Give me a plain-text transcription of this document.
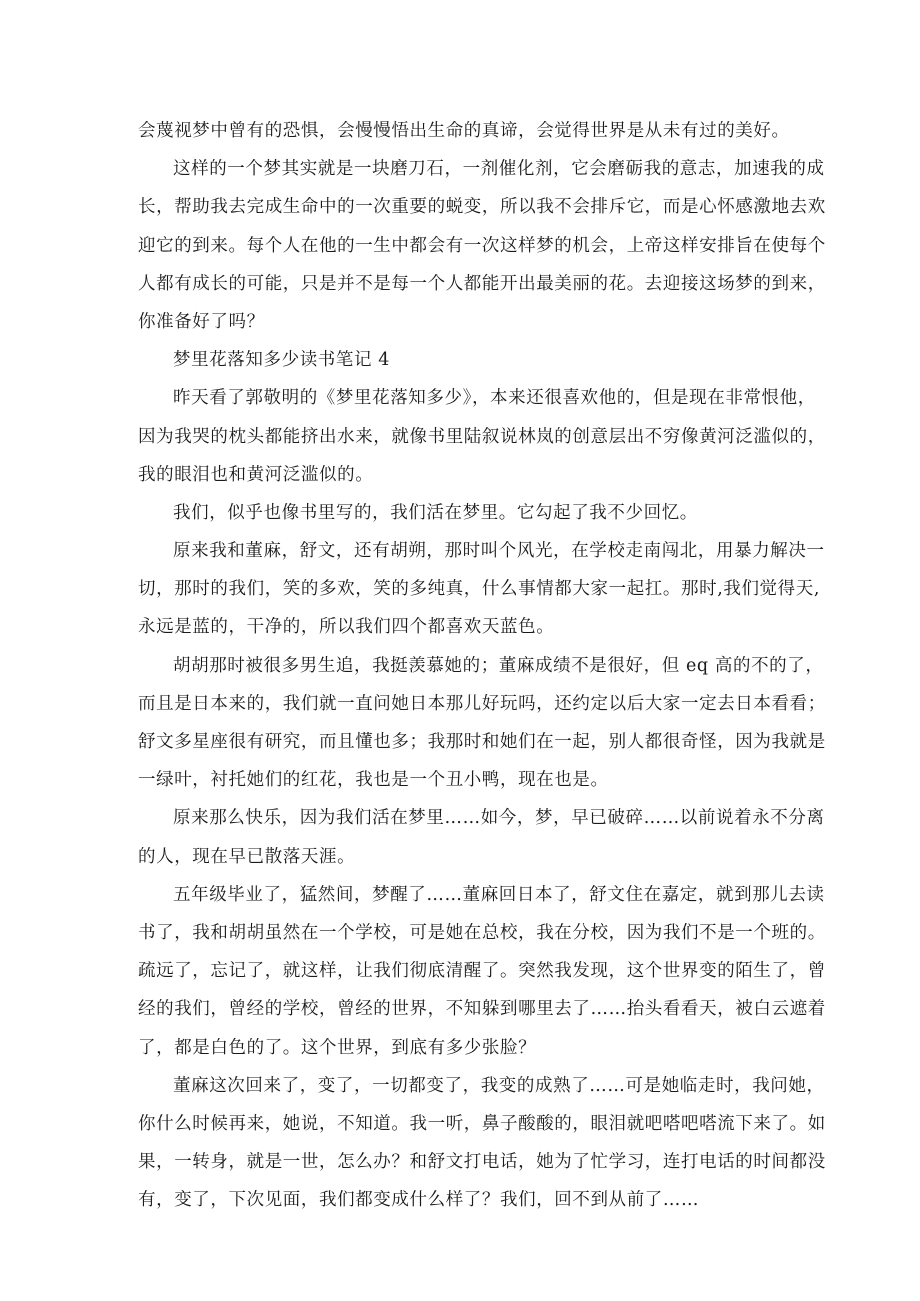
会蔑视梦中曾有的恐惧，会慢慢悟出生命的真谛，会觉得世界是从未有过的美好。
这样的一个梦其实就是一块磨刀石，一剂催化剂，它会磨砺我的意志，加速我的成
长，帮助我去完成生命中的一次重要的蜕变，所以我不会排斥它，而是心怀感激地去欢
迎它的到来。每个人在他的一生中都会有一次这样梦的机会，上帝这样安排旨在使每个
人都有成长的可能，只是并不是每一个人都能开出最美丽的花。去迎接这场梦的到来，
你准备好了吗？
梦里花落知多少读书笔记 4
昨天看了郭敬明的《梦里花落知多少》，本来还很喜欢他的，但是现在非常恨他，
因为我哭的枕头都能挤出水来，就像书里陆叙说林岚的创意层出不穷像黄河泛滥似的，
我的眼泪也和黄河泛滥似的。
我们，似乎也像书里写的，我们活在梦里。它勾起了我不少回忆。
原来我和董麻，舒文，还有胡朔，那时叫个风光，在学校走南闯北，用暴力解决一
切，那时的我们，笑的多欢，笑的多纯真，什么事情都大家一起扛。那时,我们觉得天,
永远是蓝的，干净的，所以我们四个都喜欢天蓝色。
胡胡那时被很多男生追，我挺羡慕她的；董麻成绩不是很好，但 eq 高的不的了，
而且是日本来的，我们就一直问她日本那儿好玩吗，还约定以后大家一定去日本看看；
舒文多星座很有研究，而且懂也多；我那时和她们在一起，别人都很奇怪，因为我就是
一绿叶，衬托她们的红花，我也是一个丑小鸭，现在也是。
原来那么快乐，因为我们活在梦里……如今，梦，早已破碎……以前说着永不分离
的人，现在早已散落天涯。
五年级毕业了，猛然间，梦醒了……董麻回日本了，舒文住在嘉定，就到那儿去读
书了，我和胡胡虽然在一个学校，可是她在总校，我在分校，因为我们不是一个班的。
疏远了，忘记了，就这样，让我们彻底清醒了。突然我发现，这个世界变的陌生了，曾
经的我们，曾经的学校，曾经的世界，不知躲到哪里去了……抬头看看天，被白云遮着
了，都是白色的了。这个世界，到底有多少张脸？
董麻这次回来了，变了，一切都变了，我变的成熟了……可是她临走时，我问她，
你什么时候再来，她说，不知道。我一听，鼻子酸酸的，眼泪就吧嗒吧嗒流下来了。如
果，一转身，就是一世，怎么办？和舒文打电话，她为了忙学习，连打电话的时间都没
有，变了，下次见面，我们都变成什么样了？我们，回不到从前了……
